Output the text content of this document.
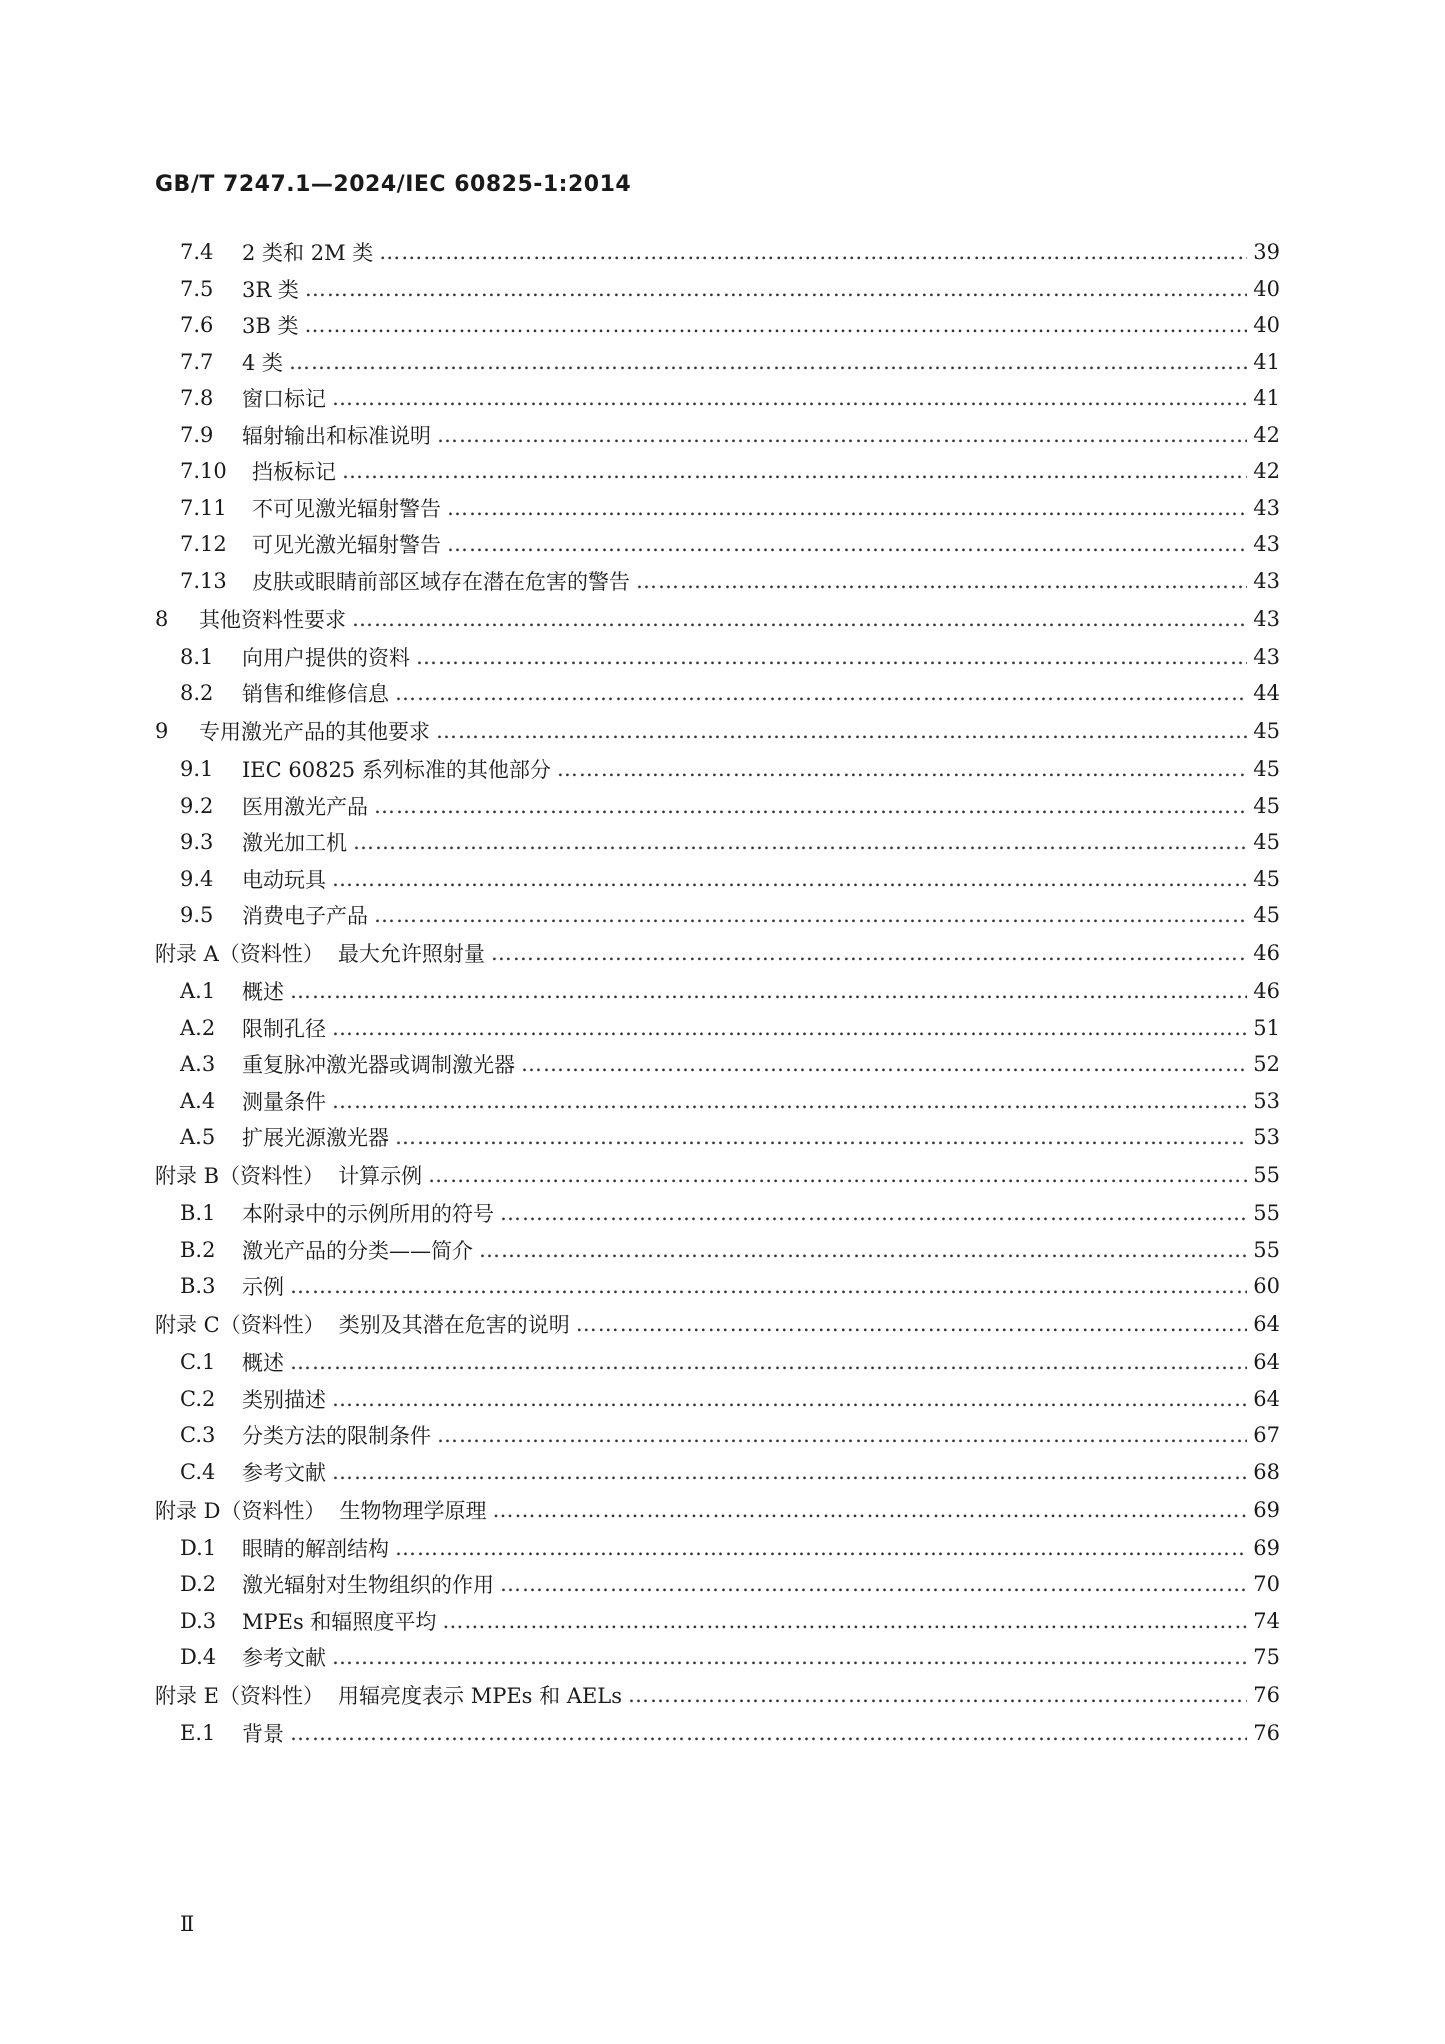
GB/T 7247.1—2024/IEC 60825-1:2014
7.4	2 类和 2M 类 ……………………………………………………………………………………………………………………………………………………………………………………………………………………………………………………………………………………………………………	39
7.5	3R 类 ……………………………………………………………………………………………………………………………………………………………………………………………………………………………………………………………………………………………………………	40
7.6	3B 类 ……………………………………………………………………………………………………………………………………………………………………………………………………………………………………………………………………………………………………………	40
7.7	4 类 ……………………………………………………………………………………………………………………………………………………………………………………………………………………………………………………………………………………………………………	41
7.8	窗口标记 ……………………………………………………………………………………………………………………………………………………………………………………………………………………………………………………………………………………………………………	41
7.9	辐射输出和标准说明 ……………………………………………………………………………………………………………………………………………………………………………………………………………………………………………………………………………………………………………	42
7.10	挡板标记 ……………………………………………………………………………………………………………………………………………………………………………………………………………………………………………………………………………………………………………	42
7.11	不可见激光辐射警告 ……………………………………………………………………………………………………………………………………………………………………………………………………………………………………………………………………………………………………………	43
7.12	可见光激光辐射警告 ……………………………………………………………………………………………………………………………………………………………………………………………………………………………………………………………………………………………………………	43
7.13	皮肤或眼睛前部区域存在潜在危害的警告 ……………………………………………………………………………………………………………………………………………………………………………………………………………………………………………………………………………………………………………	43
8	其他资料性要求 ……………………………………………………………………………………………………………………………………………………………………………………………………………………………………………………………………………………………………………	43
8.1	向用户提供的资料 ……………………………………………………………………………………………………………………………………………………………………………………………………………………………………………………………………………………………………………	43
8.2	销售和维修信息 ……………………………………………………………………………………………………………………………………………………………………………………………………………………………………………………………………………………………………………	44
9	专用激光产品的其他要求 ……………………………………………………………………………………………………………………………………………………………………………………………………………………………………………………………………………………………………………	45
9.1	IEC 60825 系列标准的其他部分 ……………………………………………………………………………………………………………………………………………………………………………………………………………………………………………………………………………………………………………	45
9.2	医用激光产品 ……………………………………………………………………………………………………………………………………………………………………………………………………………………………………………………………………………………………………………	45
9.3	激光加工机 ……………………………………………………………………………………………………………………………………………………………………………………………………………………………………………………………………………………………………………	45
9.4	电动玩具 ……………………………………………………………………………………………………………………………………………………………………………………………………………………………………………………………………………………………………………	45
9.5	消费电子产品 ……………………………………………………………………………………………………………………………………………………………………………………………………………………………………………………………………………………………………………	45
附录 A（资料性） 最大允许照射量 ……………………………………………………………………………………………………………………………………………………………………………………………………………………………………………………………………………………………………………	46
A.1	概述 ……………………………………………………………………………………………………………………………………………………………………………………………………………………………………………………………………………………………………………	46
A.2	限制孔径 ……………………………………………………………………………………………………………………………………………………………………………………………………………………………………………………………………………………………………………	51
A.3	重复脉冲激光器或调制激光器 ……………………………………………………………………………………………………………………………………………………………………………………………………………………………………………………………………………………………………………	52
A.4	测量条件 ……………………………………………………………………………………………………………………………………………………………………………………………………………………………………………………………………………………………………………	53
A.5	扩展光源激光器 ……………………………………………………………………………………………………………………………………………………………………………………………………………………………………………………………………………………………………………	53
附录 B（资料性） 计算示例 ……………………………………………………………………………………………………………………………………………………………………………………………………………………………………………………………………………………………………………	55
B.1	本附录中的示例所用的符号 ……………………………………………………………………………………………………………………………………………………………………………………………………………………………………………………………………………………………………………	55
B.2	激光产品的分类——简介 ……………………………………………………………………………………………………………………………………………………………………………………………………………………………………………………………………………………………………………	55
B.3	示例 ……………………………………………………………………………………………………………………………………………………………………………………………………………………………………………………………………………………………………………	60
附录 C（资料性） 类别及其潜在危害的说明 ……………………………………………………………………………………………………………………………………………………………………………………………………………………………………………………………………………………………………………	64
C.1	概述 ……………………………………………………………………………………………………………………………………………………………………………………………………………………………………………………………………………………………………………	64
C.2	类别描述 ……………………………………………………………………………………………………………………………………………………………………………………………………………………………………………………………………………………………………………	64
C.3	分类方法的限制条件 ……………………………………………………………………………………………………………………………………………………………………………………………………………………………………………………………………………………………………………	67
C.4	参考文献 ……………………………………………………………………………………………………………………………………………………………………………………………………………………………………………………………………………………………………………	68
附录 D（资料性） 生物物理学原理 ……………………………………………………………………………………………………………………………………………………………………………………………………………………………………………………………………………………………………………	69
D.1	眼睛的解剖结构 ……………………………………………………………………………………………………………………………………………………………………………………………………………………………………………………………………………………………………………	69
D.2	激光辐射对生物组织的作用 ……………………………………………………………………………………………………………………………………………………………………………………………………………………………………………………………………………………………………………	70
D.3	MPEs 和辐照度平均 ……………………………………………………………………………………………………………………………………………………………………………………………………………………………………………………………………………………………………………	74
D.4	参考文献 ……………………………………………………………………………………………………………………………………………………………………………………………………………………………………………………………………………………………………………	75
附录 E（资料性） 用辐亮度表示 MPEs 和 AELs ……………………………………………………………………………………………………………………………………………………………………………………………………………………………………………………………………………………………………………	76
E.1	背景 ……………………………………………………………………………………………………………………………………………………………………………………………………………………………………………………………………………………………………………	76
Ⅱ
